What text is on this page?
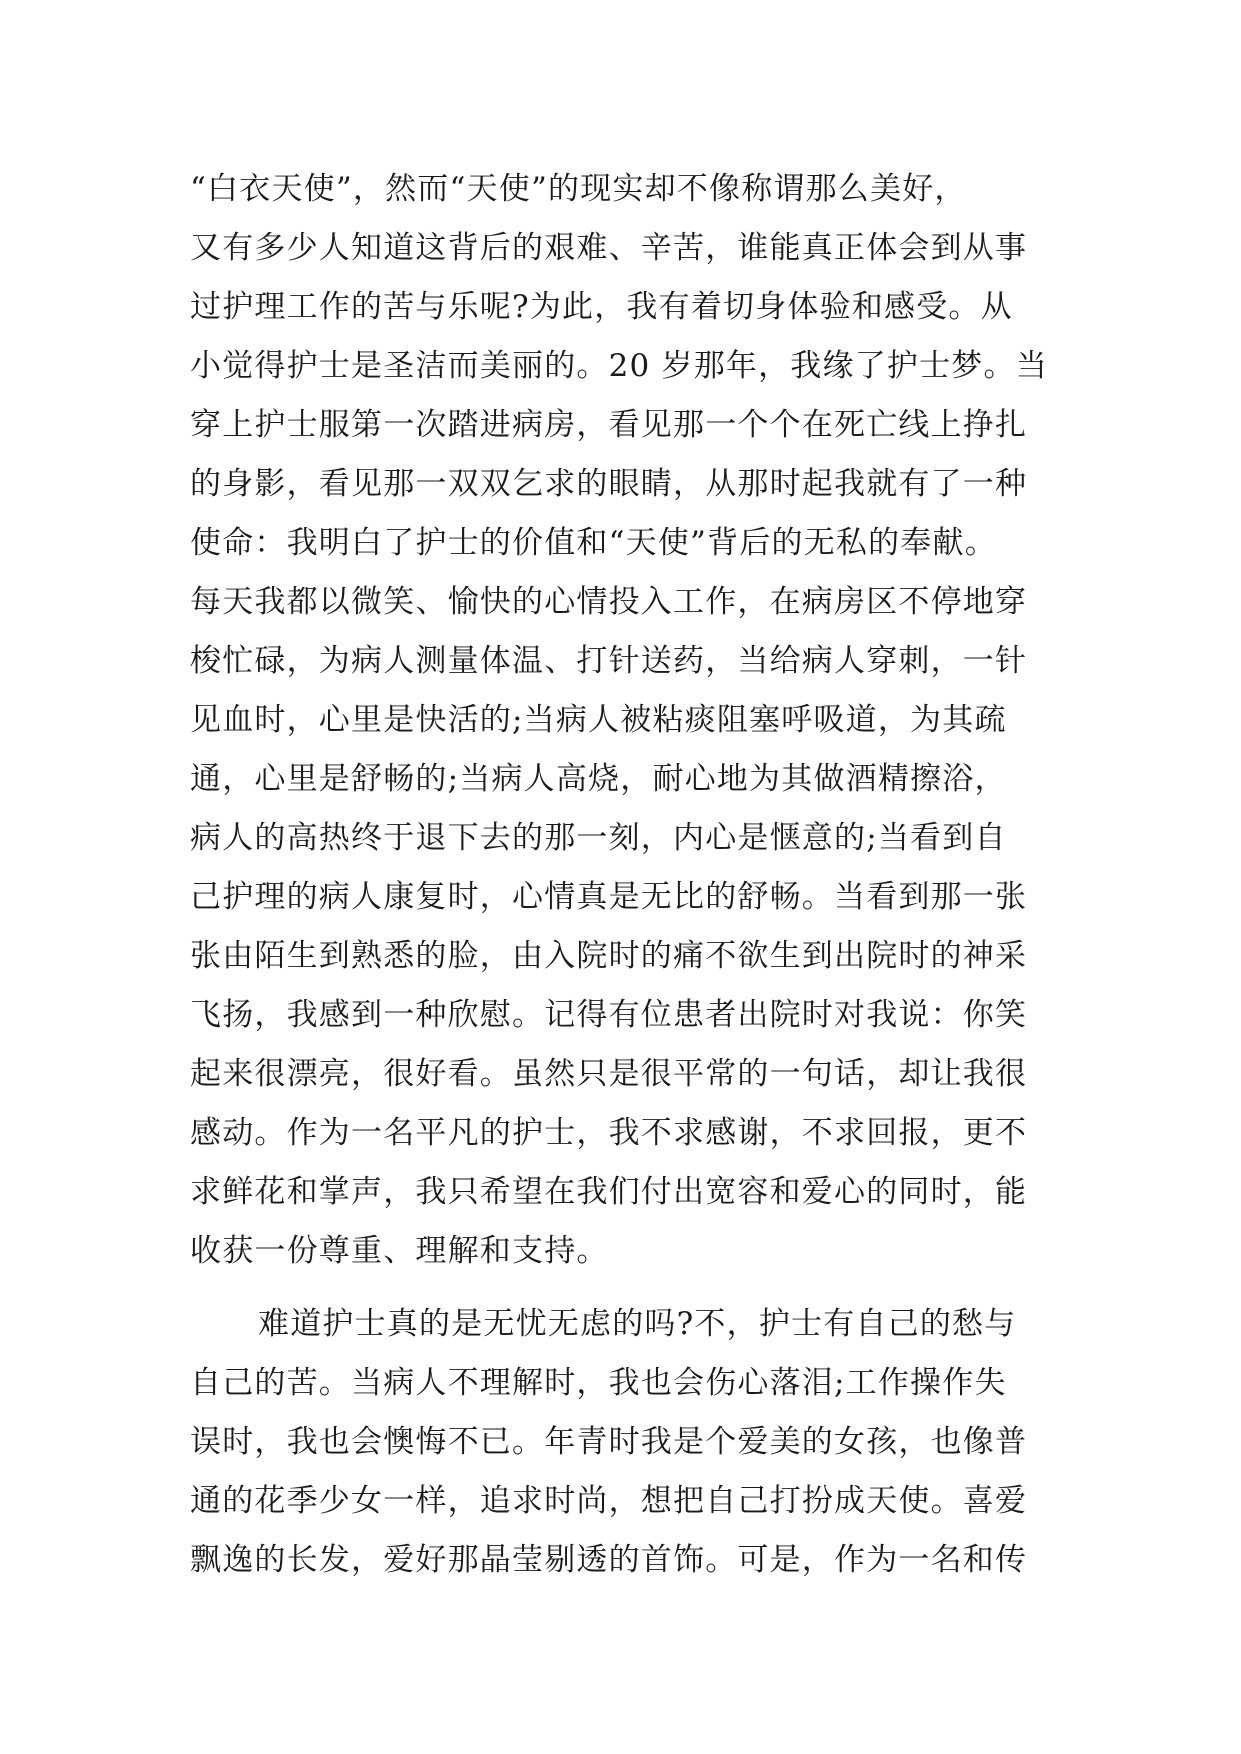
“白衣天使”，然而“天使”的现实却不像称谓那么美好，
又有多少人知道这背后的艰难、辛苦，谁能真正体会到从事
过护理工作的苦与乐呢?为此，我有着切身体验和感受。从
小觉得护士是圣洁而美丽的。20 岁那年，我缘了护士梦。当
穿上护士服第一次踏进病房，看见那一个个在死亡线上挣扎
的身影，看见那一双双乞求的眼睛，从那时起我就有了一种
使命：我明白了护士的价值和“天使”背后的无私的奉献。
每天我都以微笑、愉快的心情投入工作，在病房区不停地穿
梭忙碌，为病人测量体温、打针送药，当给病人穿刺，一针
见血时，心里是快活的;当病人被粘痰阻塞呼吸道，为其疏
通，心里是舒畅的;当病人高烧，耐心地为其做酒精擦浴，
病人的高热终于退下去的那一刻，内心是惬意的;当看到自
己护理的病人康复时，心情真是无比的舒畅。当看到那一张
张由陌生到熟悉的脸，由入院时的痛不欲生到出院时的神采
飞扬，我感到一种欣慰。记得有位患者出院时对我说：你笑
起来很漂亮，很好看。虽然只是很平常的一句话，却让我很
感动。作为一名平凡的护士，我不求感谢，不求回报，更不
求鲜花和掌声，我只希望在我们付出宽容和爱心的同时，能
收获一份尊重、理解和支持。
难道护士真的是无忧无虑的吗?不，护士有自己的愁与
自己的苦。当病人不理解时，我也会伤心落泪;工作操作失
误时，我也会懊悔不已。年青时我是个爱美的女孩，也像普
通的花季少女一样，追求时尚，想把自己打扮成天使。喜爱
飘逸的长发，爱好那晶莹剔透的首饰。可是，作为一名和传
